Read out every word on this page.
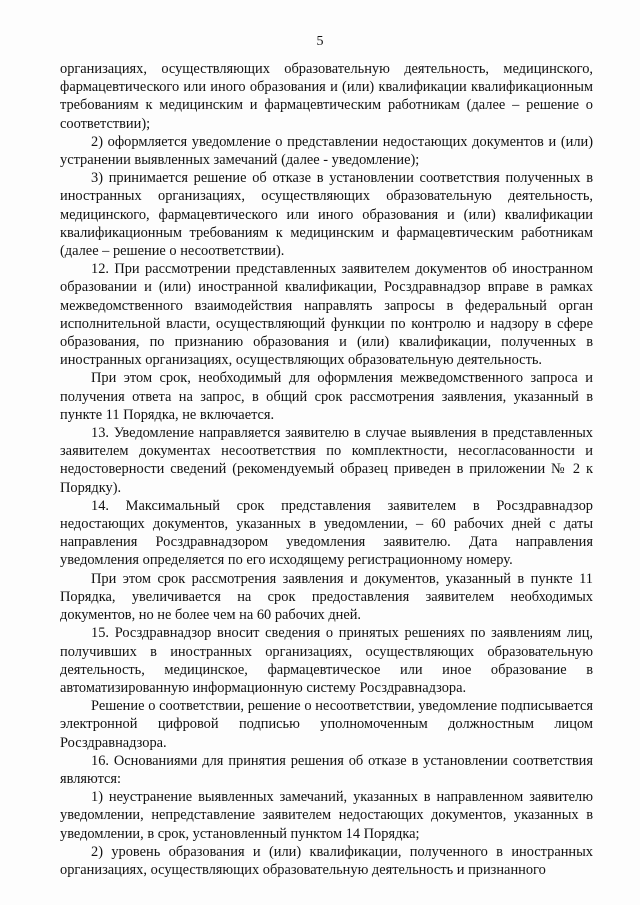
5

организациях, осуществляющих образовательную деятельность, медицинского, фармацевтического или иного образования и (или) квалификации квалификационным требованиям к медицинским и фармацевтическим работникам (далее – решение о соответствии);

2) оформляется уведомление о представлении недостающих документов и (или) устранении выявленных замечаний (далее - уведомление);

3) принимается решение об отказе в установлении соответствия полученных в иностранных организациях, осуществляющих образовательную деятельность, медицинского, фармацевтического или иного образования и (или) квалификации квалификационным требованиям к медицинским и фармацевтическим работникам (далее – решение о несоответствии).

12. При рассмотрении представленных заявителем документов об иностранном образовании и (или) иностранной квалификации, Росздравнадзор вправе в рамках межведомственного взаимодействия направлять запросы в федеральный орган исполнительной власти, осуществляющий функции по контролю и надзору в сфере образования, по признанию образования и (или) квалификации, полученных в иностранных организациях, осуществляющих образовательную деятельность.

При этом срок, необходимый для оформления межведомственного запроса и получения ответа на запрос, в общий срок рассмотрения заявления, указанный в пункте 11 Порядка, не включается.

13. Уведомление направляется заявителю в случае выявления в представленных заявителем документах несоответствия по комплектности, несогласованности и недостоверности сведений (рекомендуемый образец приведен в приложении № 2 к Порядку).

14. Максимальный срок представления заявителем в Росздравнадзор недостающих документов, указанных в уведомлении, – 60 рабочих дней с даты направления Росздравнадзором уведомления заявителю. Дата направления уведомления определяется по его исходящему регистрационному номеру.

При этом срок рассмотрения заявления и документов, указанный в пункте 11 Порядка, увеличивается на срок предоставления заявителем необходимых документов, но не более чем на 60 рабочих дней.

15. Росздравнадзор вносит сведения о принятых решениях по заявлениям лиц, получивших в иностранных организациях, осуществляющих образовательную деятельность, медицинское, фармацевтическое или иное образование в автоматизированную информационную систему Росздравнадзора.

Решение о соответствии, решение о несоответствии, уведомление подписывается электронной цифровой подписью уполномоченным должностным лицом Росздравнадзора.

16. Основаниями для принятия решения об отказе в установлении соответствия являются:

1) неустранение выявленных замечаний, указанных в направленном заявителю уведомлении, непредставление заявителем недостающих документов, указанных в уведомлении, в срок, установленный пунктом 14 Порядка;

2) уровень образования и (или) квалификации, полученного в иностранных организациях, осуществляющих образовательную деятельность и признанного
